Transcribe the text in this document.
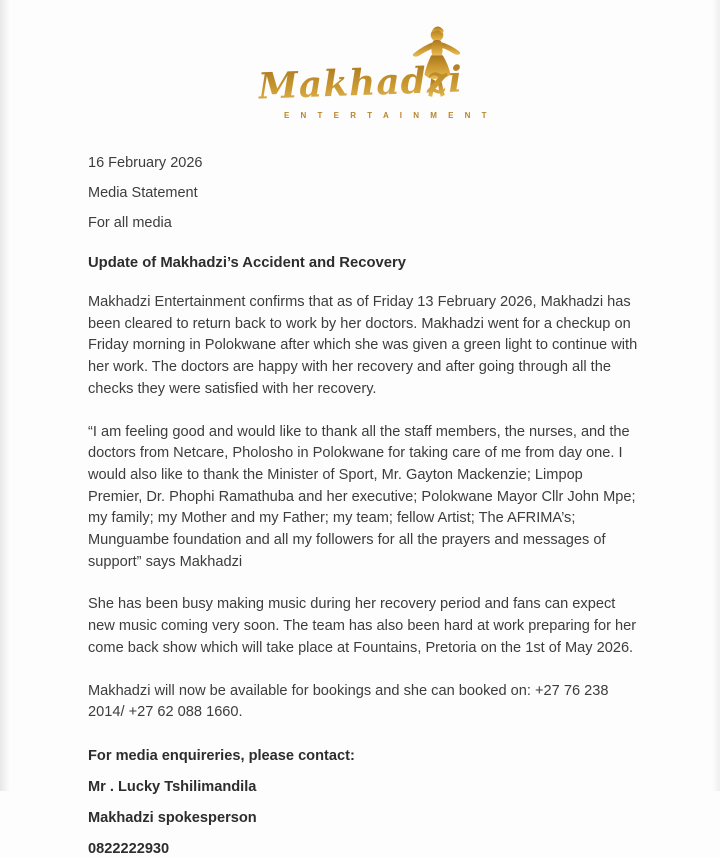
Makhadzi
E N T E R T A I N M E N T

16 February 2026

Media Statement

For all media

Update of Makhadzi’s Accident and Recovery

Makhadzi Entertainment confirms that as of Friday 13 February 2026, Makhadzi has been cleared to return back to work by her doctors. Makhadzi went for a checkup on Friday morning in Polokwane after which she was given a green light to continue with her work. The doctors are happy with her recovery and after going through all the checks they were satisfied with her recovery.

“I am feeling good and would like to thank all the staff members, the nurses, and the doctors from Netcare, Pholosho in Polokwane for taking care of me from day one. I would also like to thank the Minister of Sport, Mr. Gayton Mackenzie; Limpop Premier, Dr. Phophi Ramathuba and her executive; Polokwane Mayor Cllr John Mpe; my family; my Mother and my Father; my team; fellow Artist; The AFRIMA’s; Munguambe foundation and all my followers for all the prayers and messages of support” says Makhadzi

She has been busy making music during her recovery period and fans can expect new music coming very soon. The team has also been hard at work preparing for her come back show which will take place at Fountains, Pretoria on the 1st of May 2026.

Makhadzi will now be available for bookings and she can booked on: +27 76 238 2014/ +27 62 088 1660.

For media enquireries, please contact:

Mr . Lucky Tshilimandila

Makhadzi spokesperson

0822222930
